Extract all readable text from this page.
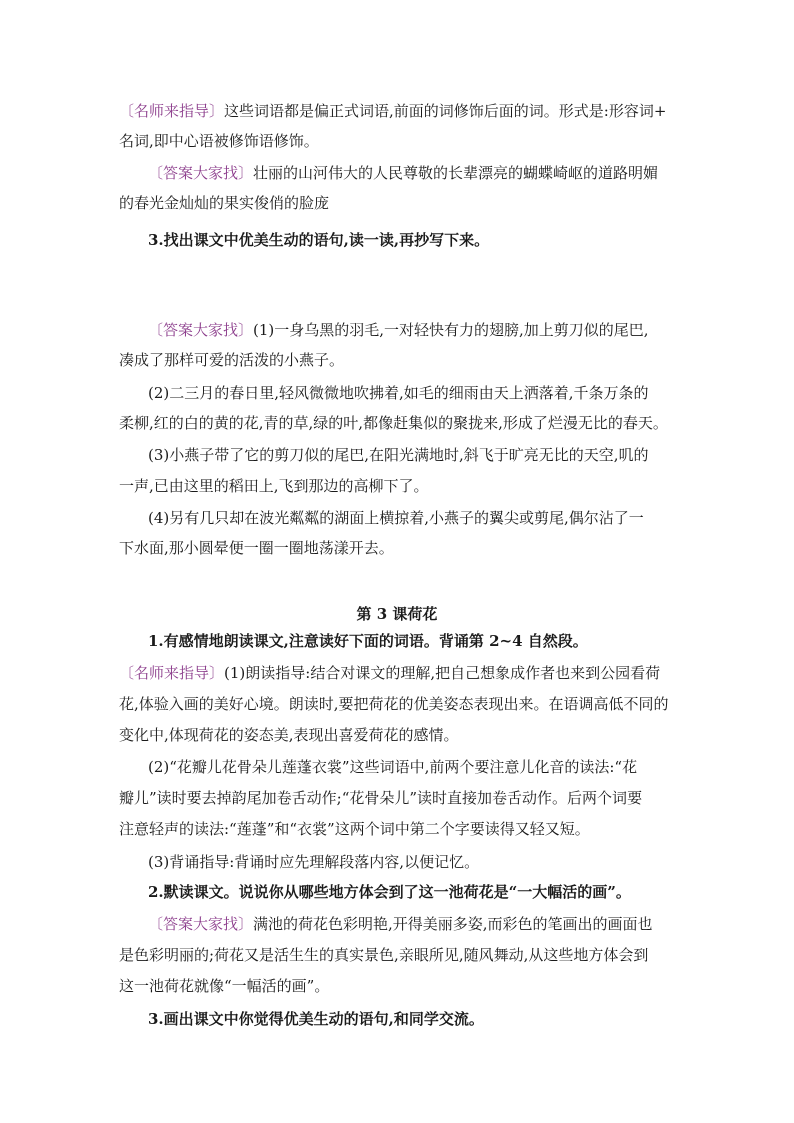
〔名师来指导〕这些词语都是偏正式词语,前面的词修饰后面的词。形式是:形容词+
名词,即中心语被修饰语修饰。
〔答案大家找〕壮丽的山河伟大的人民尊敬的长辈漂亮的蝴蝶崎岖的道路明媚
的春光金灿灿的果实俊俏的脸庞
3.找出课文中优美生动的语句,读一读,再抄写下来。
〔答案大家找〕(1)一身乌黑的羽毛,一对轻快有力的翅膀,加上剪刀似的尾巴,
凑成了那样可爱的活泼的小燕子。
(2)二三月的春日里,轻风微微地吹拂着,如毛的细雨由天上洒落着,千条万条的
柔柳,红的白的黄的花,青的草,绿的叶,都像赶集似的聚拢来,形成了烂漫无比的春天。
(3)小燕子带了它的剪刀似的尾巴,在阳光满地时,斜飞于旷亮无比的天空,叽的
一声,已由这里的稻田上,飞到那边的高柳下了。
(4)另有几只却在波光粼粼的湖面上横掠着,小燕子的翼尖或剪尾,偶尔沾了一
下水面,那小圆晕便一圈一圈地荡漾开去。
第 3 课荷花
1.有感情地朗读课文,注意读好下面的词语。背诵第 2~4 自然段。
〔名师来指导〕(1)朗读指导:结合对课文的理解,把自己想象成作者也来到公园看荷
花,体验入画的美好心境。朗读时,要把荷花的优美姿态表现出来。在语调高低不同的
变化中,体现荷花的姿态美,表现出喜爱荷花的感情。
(2)“花瓣儿花骨朵儿莲蓬衣裳”这些词语中,前两个要注意儿化音的读法:“花
瓣儿”读时要去掉韵尾加卷舌动作;“花骨朵儿”读时直接加卷舌动作。后两个词要
注意轻声的读法:“莲蓬”和“衣裳”这两个词中第二个字要读得又轻又短。
(3)背诵指导:背诵时应先理解段落内容,以便记忆。
2.默读课文。说说你从哪些地方体会到了这一池荷花是“一大幅活的画”。
〔答案大家找〕满池的荷花色彩明艳,开得美丽多姿,而彩色的笔画出的画面也
是色彩明丽的;荷花又是活生生的真实景色,亲眼所见,随风舞动,从这些地方体会到
这一池荷花就像“一幅活的画”。
3.画出课文中你觉得优美生动的语句,和同学交流。
